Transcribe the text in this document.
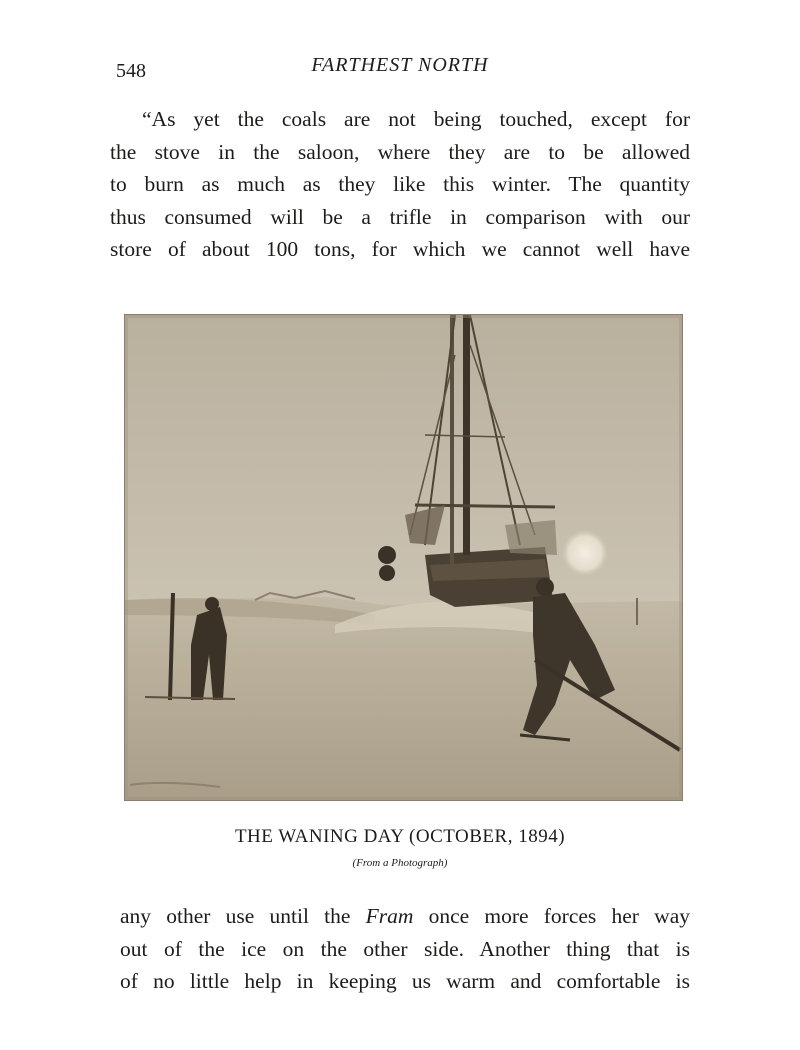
548	FARTHEST NORTH
“As yet the coals are not being touched, except for
the stove in the saloon, where they are to be allowed
to burn as much as they like this winter. The quantity
thus consumed will be a trifle in comparison with our
store of about 100 tons, for which we cannot well have
THE WANING DAY (OCTOBER, 1894)
(From a Photograph)
any other use until the Fram once more forces her way
out of the ice on the other side. Another thing that is
of no little help in keeping us warm and comfortable is
